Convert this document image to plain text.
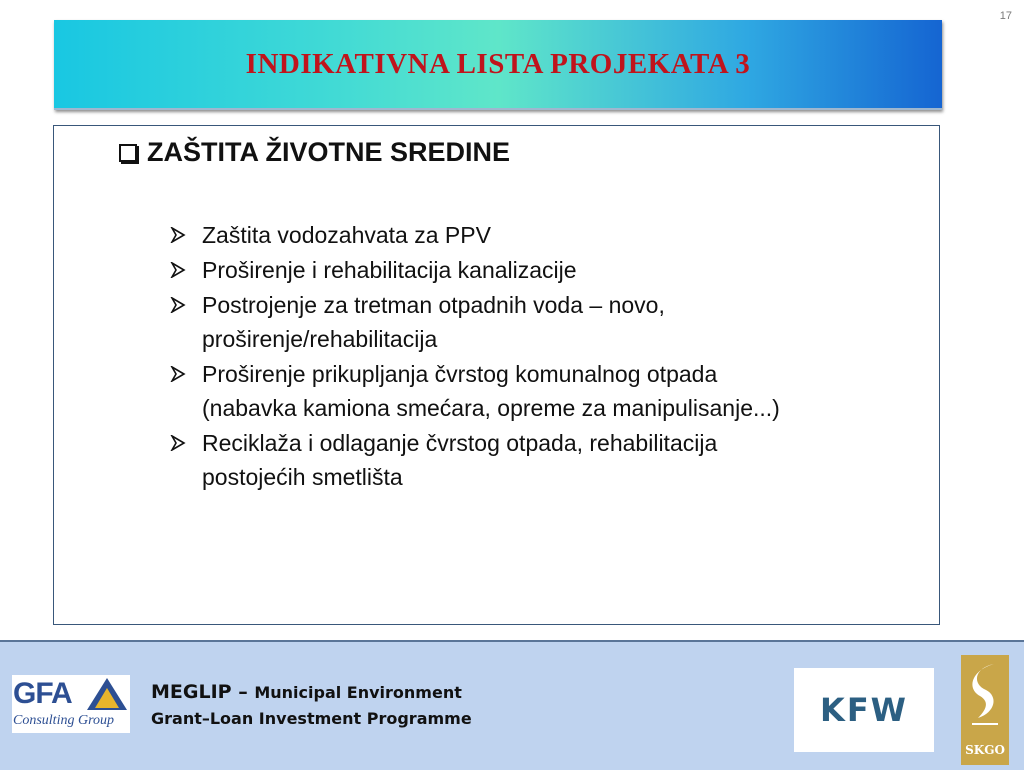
17
INDIKATIVNA LISTA PROJEKATA 3
ZAŠTITA ŽIVOTNE SREDINE
Zaštita vodozahvata za PPV
Proširenje i rehabilitacija kanalizacije
Postrojenje za tretman otpadnih voda – novo,
proširenje/rehabilitacija
Proširenje prikupljanja čvrstog komunalnog otpada
(nabavka kamiona smećara, opreme za manipulisanje...)
Reciklaža i odlaganje čvrstog otpada, rehabilitacija
postojećih smetlišta
GFA
Consulting Group
MEGLIP – Municipal Environment
Grant–Loan Investment Programme	KFW
SKGO
